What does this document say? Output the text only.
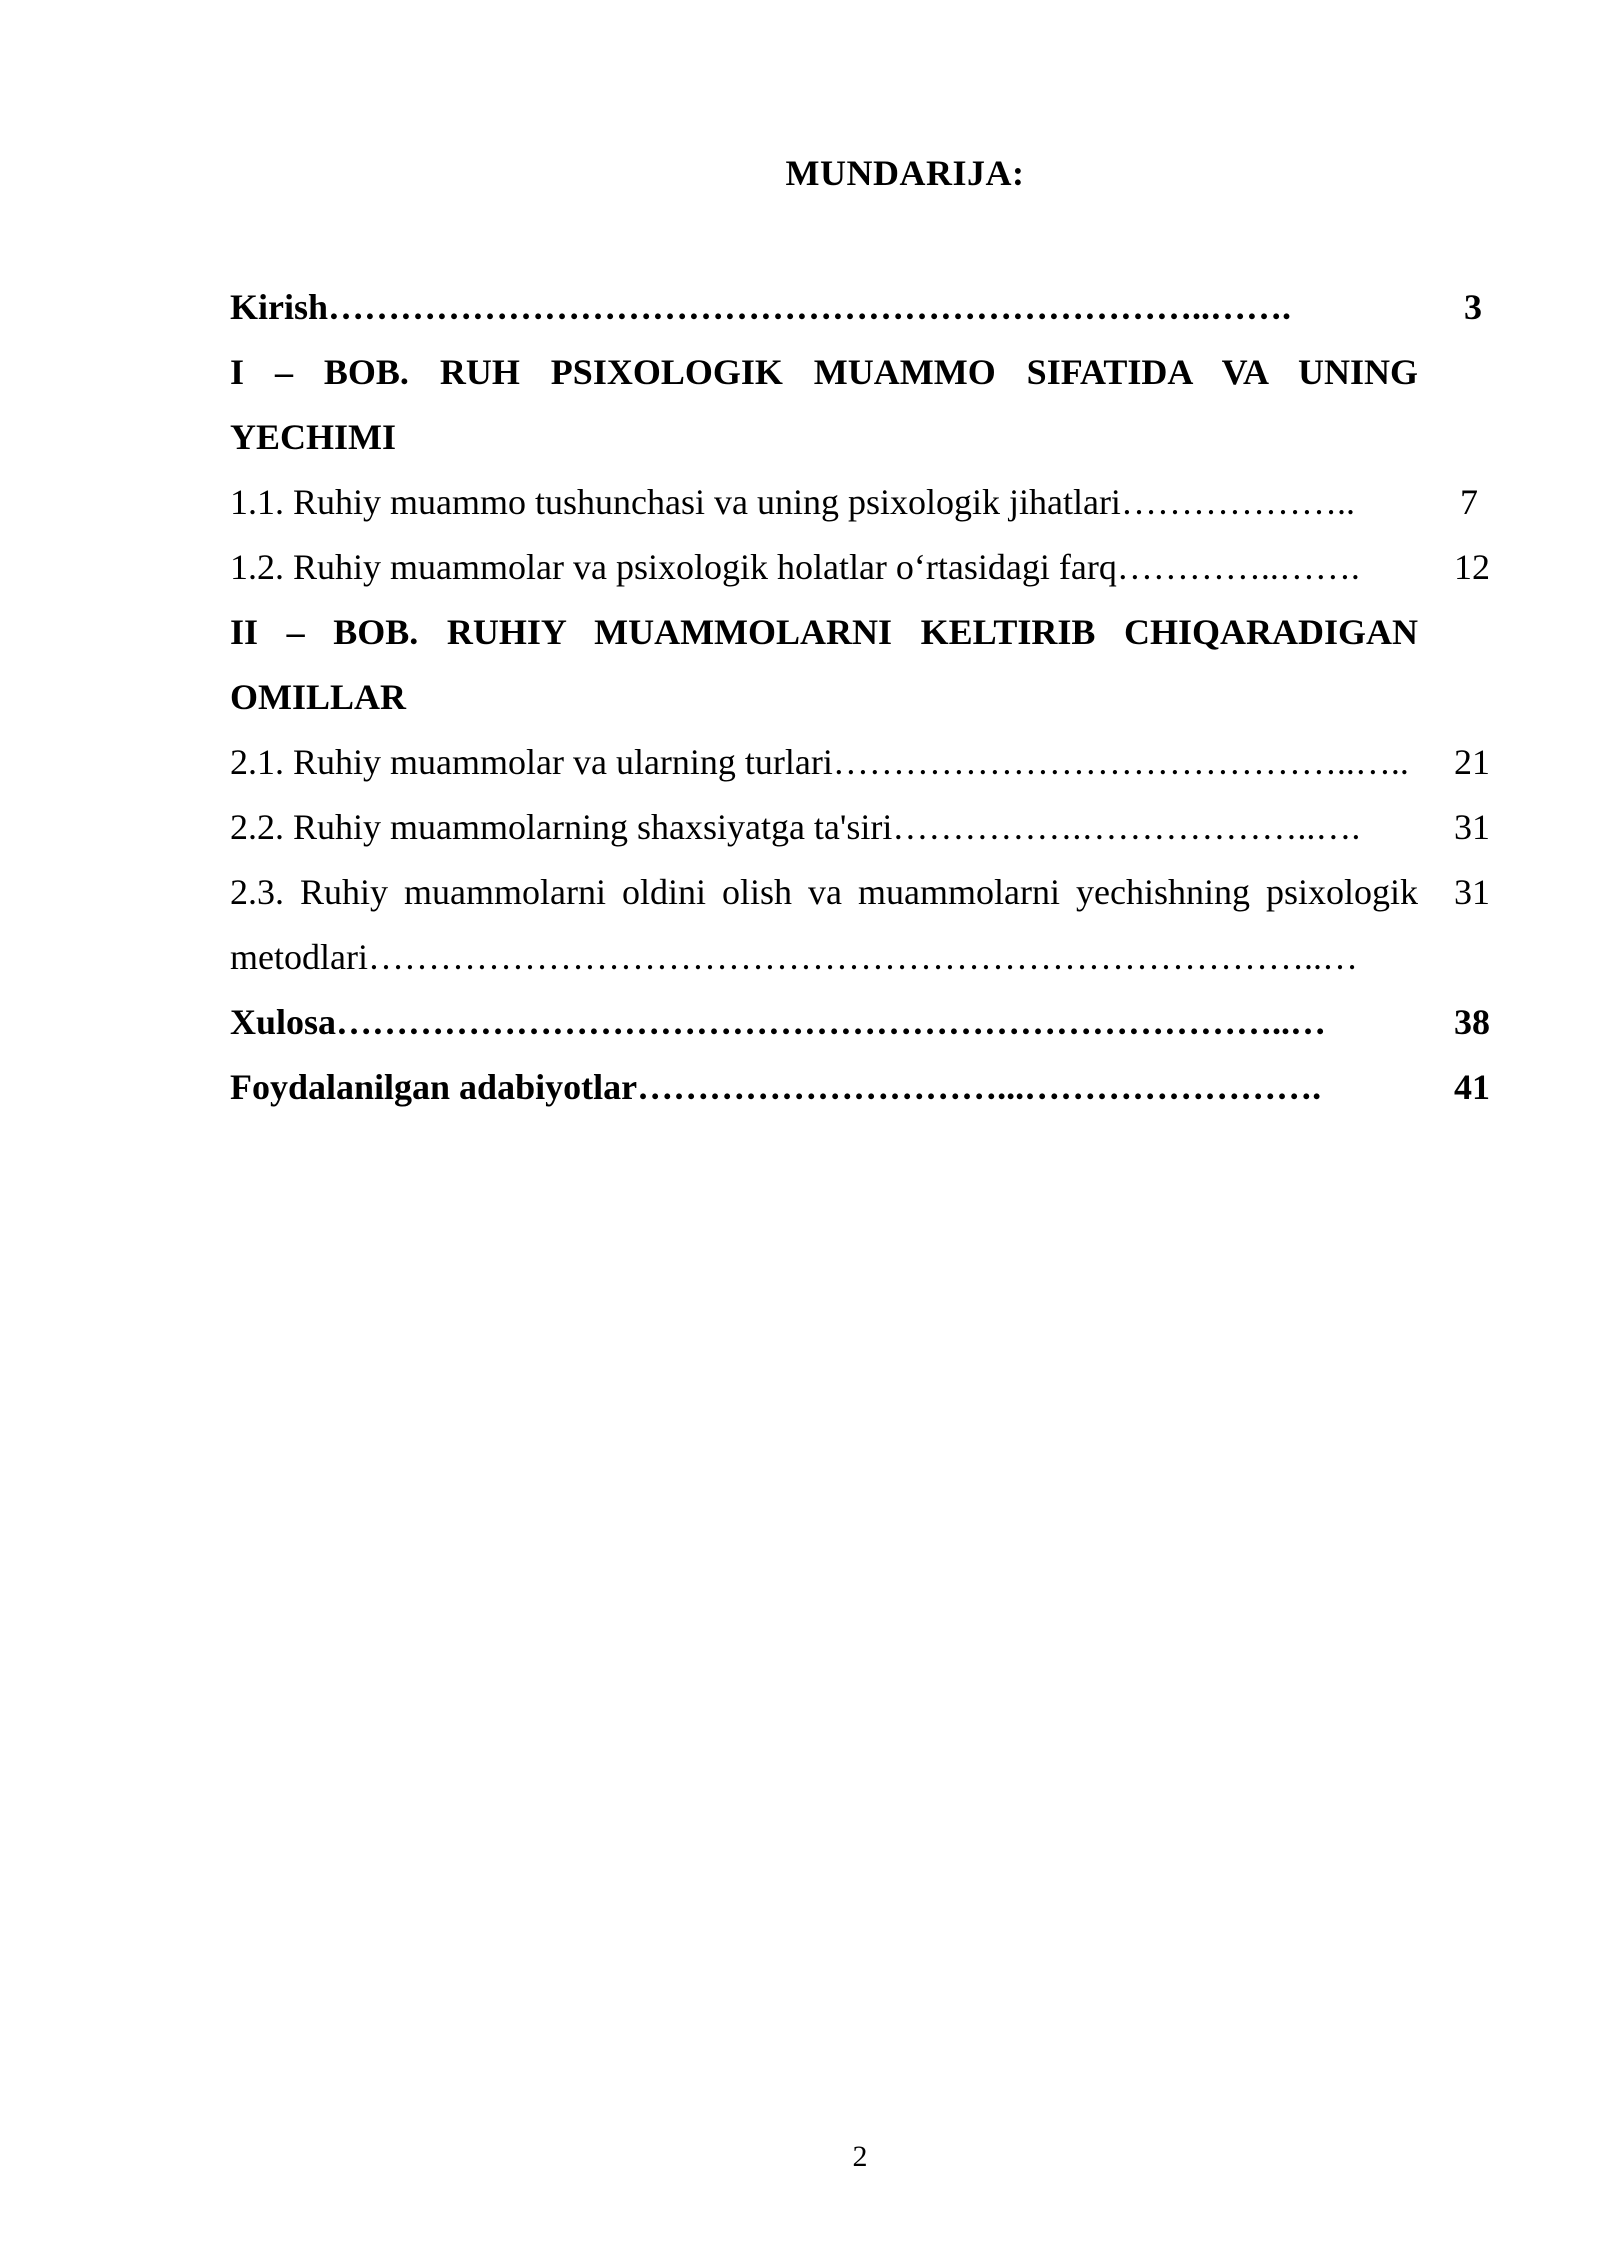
MUNDARIJA:
Kirish………………………………………………………………..…….	3
I – BOB. RUH PSIXOLOGIK MUAMMO SIFATIDA VA UNING
YECHIMI
1.1. Ruhiy muammo tushunchasi va uning psixologik jihatlari………………..	7
1.2. Ruhiy muammolar va psixologik holatlar o‘rtasidagi farq…………..…….	12
II – BOB. RUHIY MUAMMOLARNI KELTIRIB CHIQARADIGAN
OMILLAR
2.1. Ruhiy muammolar va ularning turlari……………………………………..…..	21
2.2. Ruhiy muammolarning shaxsiyatga ta'siri…………….………………..….	31
2.3. Ruhiy muammolarni oldini olish va muammolarni yechishning psixologik	31
metodlari……………………………………………………………………..…
Xulosa……………………………………………………………………..…	38
Foydalanilgan adabiyotlar…………………………...…………………….	41
2
